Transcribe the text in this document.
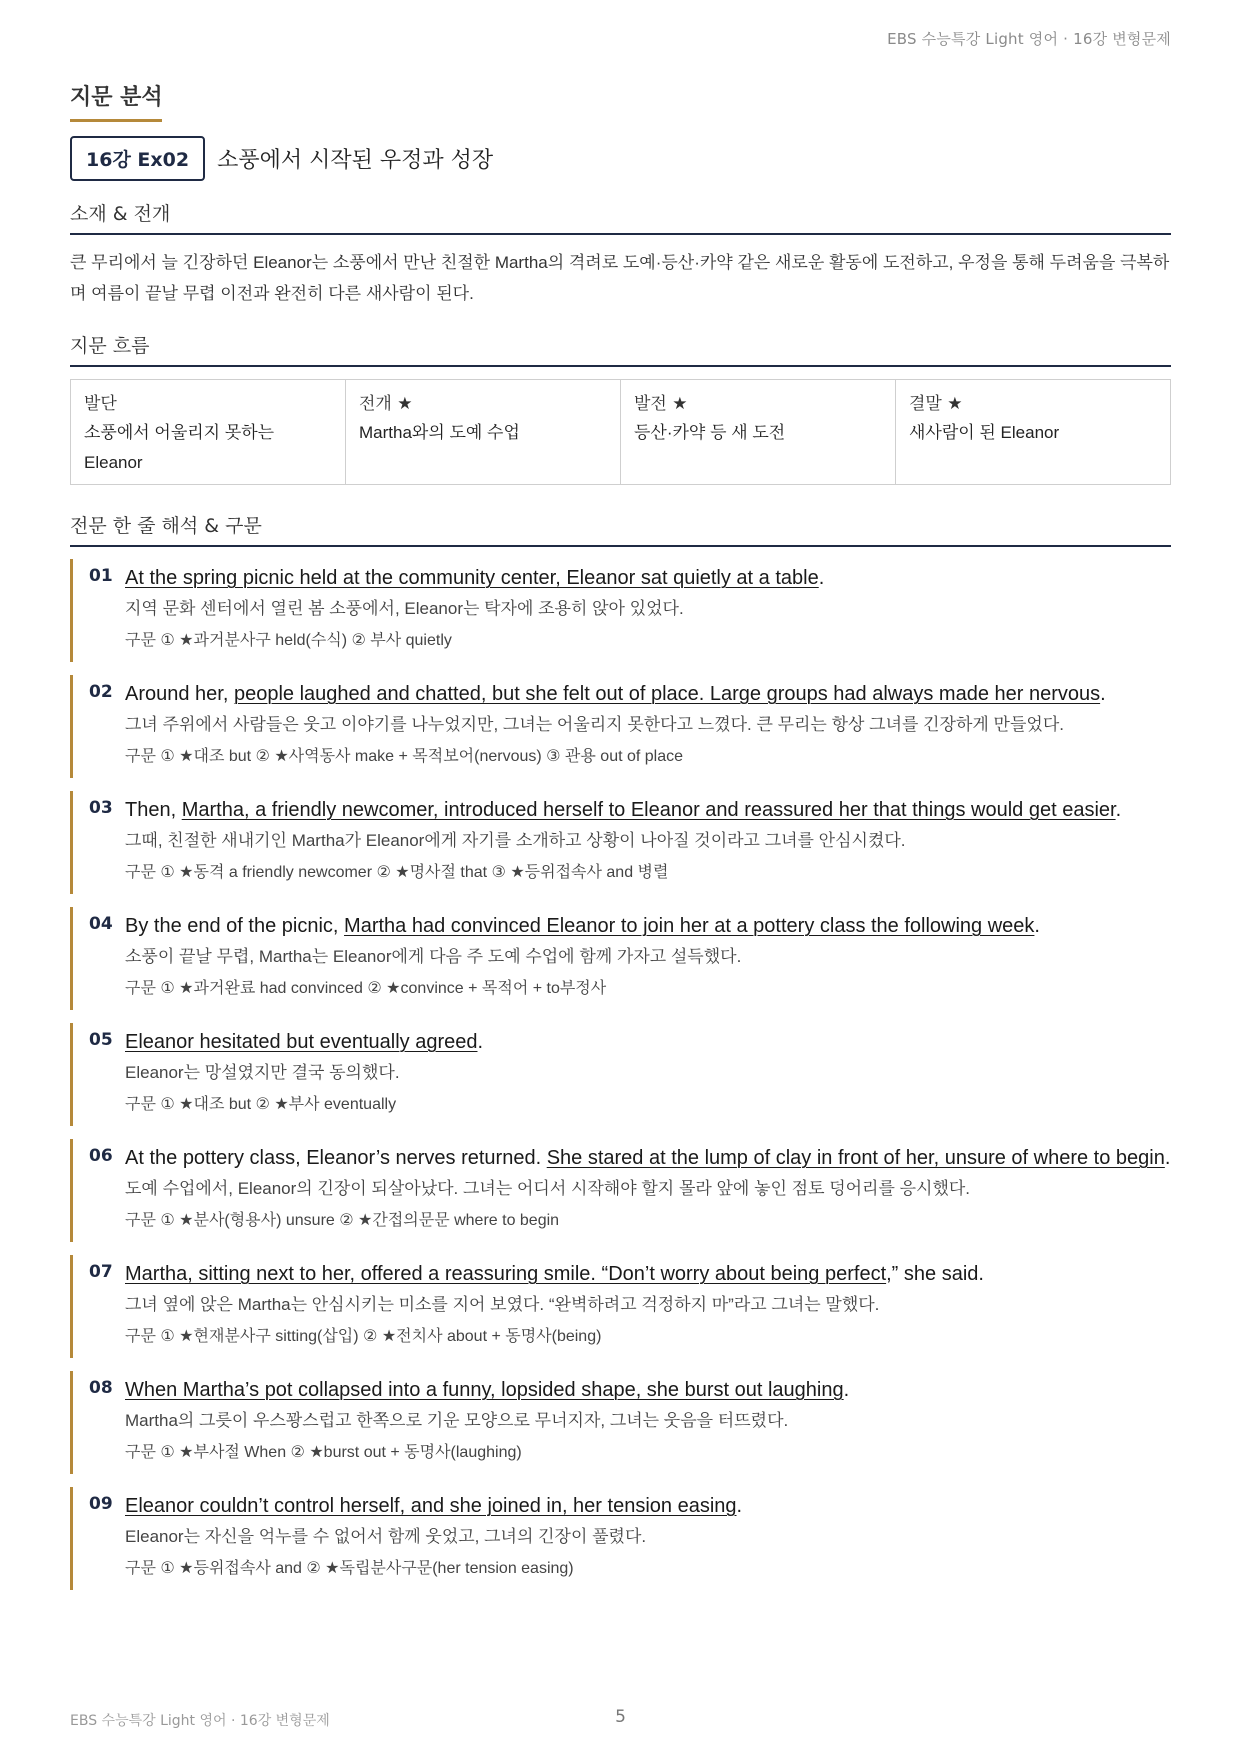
EBS 수능특강 Light 영어 · 16강 변형문제
지문 분석
16강 Ex02	소풍에서 시작된 우정과 성장
소재 & 전개
큰 무리에서 늘 긴장하던 Eleanor는 소풍에서 만난 친절한 Martha의 격려로 도예·등산·카약 같은 새로운 활동에 도전하고, 우정을 통해 두려움을 극복하며 여름이 끝날 무렵 이전과 완전히 다른 새사람이 된다.
지문 흐름
발단
소풍에서 어울리지 못하는 Eleanor
전개 ★
Martha와의 도예 수업
발전 ★
등산·카약 등 새 도전
결말 ★
새사람이 된 Eleanor
전문 한 줄 해석 & 구문
01 At the spring picnic held at the community center, Eleanor sat quietly at a table.
지역 문화 센터에서 열린 봄 소풍에서, Eleanor는 탁자에 조용히 앉아 있었다.
구문 ① ★과거분사구 held(수식) ② 부사 quietly
02 Around her, people laughed and chatted, but she felt out of place. Large groups had always made her nervous.
그녀 주위에서 사람들은 웃고 이야기를 나누었지만, 그녀는 어울리지 못한다고 느꼈다. 큰 무리는 항상 그녀를 긴장하게 만들었다.
구문 ① ★대조 but ② ★사역동사 make + 목적보어(nervous) ③ 관용 out of place
03 Then, Martha, a friendly newcomer, introduced herself to Eleanor and reassured her that things would get easier.
그때, 친절한 새내기인 Martha가 Eleanor에게 자기를 소개하고 상황이 나아질 것이라고 그녀를 안심시켰다.
구문 ① ★동격 a friendly newcomer ② ★명사절 that ③ ★등위접속사 and 병렬
04 By the end of the picnic, Martha had convinced Eleanor to join her at a pottery class the following week.
소풍이 끝날 무렵, Martha는 Eleanor에게 다음 주 도예 수업에 함께 가자고 설득했다.
구문 ① ★과거완료 had convinced ② ★convince + 목적어 + to부정사
05 Eleanor hesitated but eventually agreed.
Eleanor는 망설였지만 결국 동의했다.
구문 ① ★대조 but ② ★부사 eventually
06 At the pottery class, Eleanor’s nerves returned. She stared at the lump of clay in front of her, unsure of where to begin.
도예 수업에서, Eleanor의 긴장이 되살아났다. 그녀는 어디서 시작해야 할지 몰라 앞에 놓인 점토 덩어리를 응시했다.
구문 ① ★분사(형용사) unsure ② ★간접의문문 where to begin
07 Martha, sitting next to her, offered a reassuring smile. “Don’t worry about being perfect,” she said.
그녀 옆에 앉은 Martha는 안심시키는 미소를 지어 보였다. “완벽하려고 걱정하지 마”라고 그녀는 말했다.
구문 ① ★현재분사구 sitting(삽입) ② ★전치사 about + 동명사(being)
08 When Martha’s pot collapsed into a funny, lopsided shape, she burst out laughing.
Martha의 그릇이 우스꽝스럽고 한쪽으로 기운 모양으로 무너지자, 그녀는 웃음을 터뜨렸다.
구문 ① ★부사절 When ② ★burst out + 동명사(laughing)
09 Eleanor couldn’t control herself, and she joined in, her tension easing.
Eleanor는 자신을 억누를 수 없어서 함께 웃었고, 그녀의 긴장이 풀렸다.
구문 ① ★등위접속사 and ② ★독립분사구문(her tension easing)
EBS 수능특강 Light 영어 · 16강 변형문제	5
